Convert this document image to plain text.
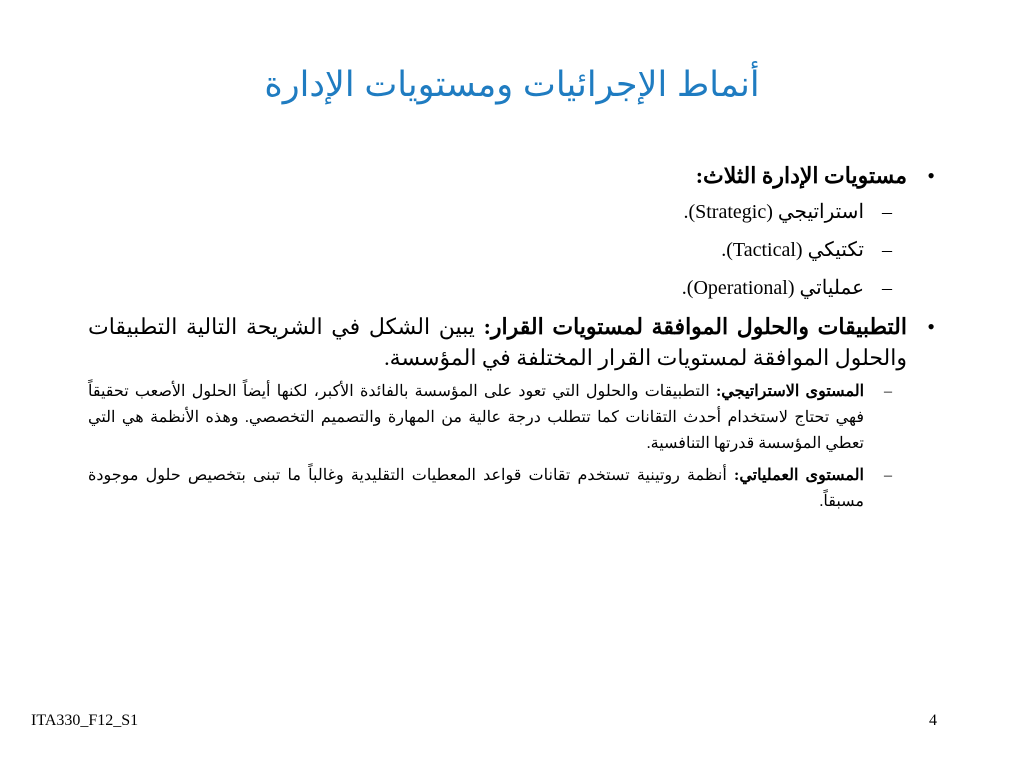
أنماط الإجرائيات ومستويات الإدارة
•
مستويات الإدارة الثلاث:
–
استراتيجي (Strategic).
–
تكتيكي (Tactical).
–
عملياتي (Operational).
•
التطبيقات والحلول الموافقة لمستويات القرار: يبين الشكل في الشريحة التالية التطبيقات والحلول الموافقة لمستويات القرار المختلفة في المؤسسة.
–
المستوى الاستراتيجي: التطبيقات والحلول التي تعود على المؤسسة بالفائدة الأكبر، لكنها أيضاً الحلول الأصعب تحقيقاً فهي تحتاج لاستخدام أحدث التقانات كما تتطلب درجة عالية من المهارة والتصميم التخصصي. وهذه الأنظمة هي التي تعطي المؤسسة قدرتها التنافسية.
–
المستوى العملياتي: أنظمة روتينية تستخدم تقانات قواعد المعطيات التقليدية وغالباً ما تبنى بتخصيص حلول موجودة مسبقاً.
ITA330_F12_S1	4
